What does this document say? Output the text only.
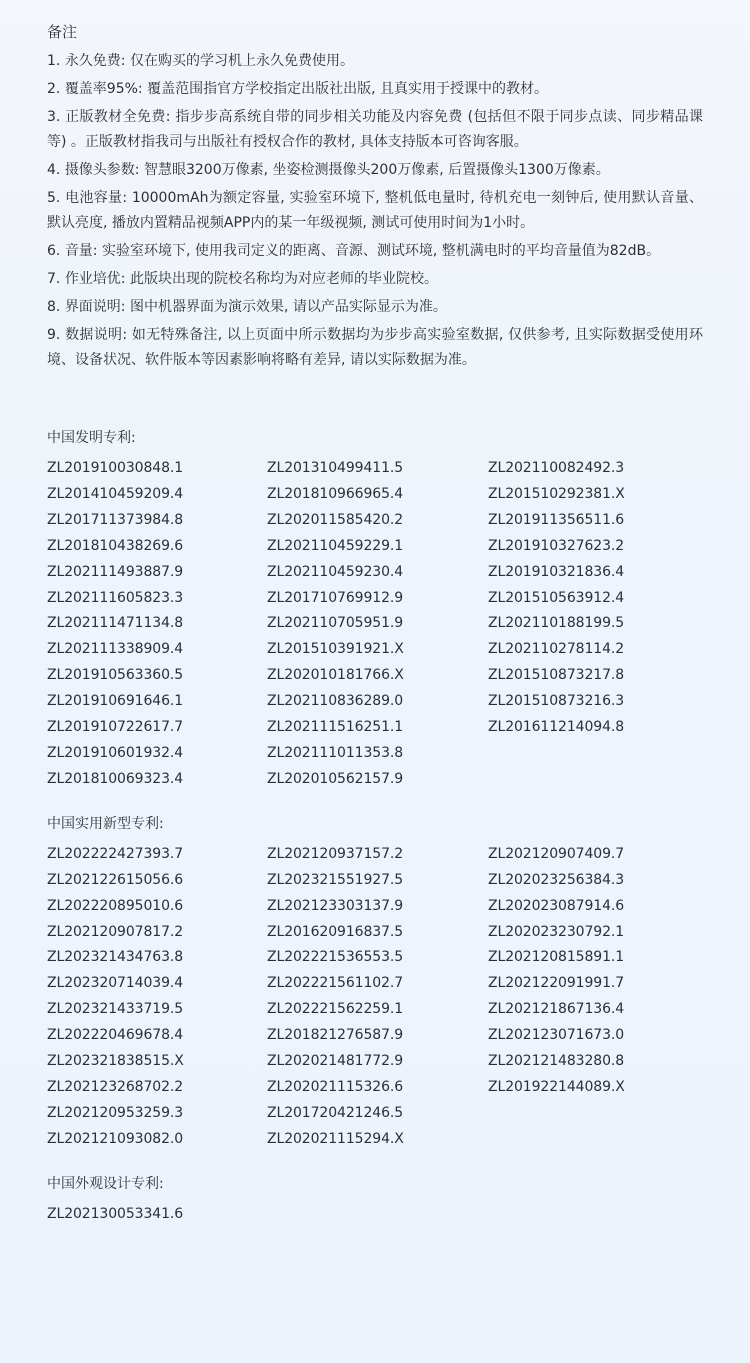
备注
1. 永久免费: 仅在购买的学习机上永久免费使用。
2. 覆盖率95%: 覆盖范围指官方学校指定出版社出版, 且真实用于授课中的教材。
3. 正版教材全免费: 指步步高系统自带的同步相关功能及内容免费 (包括但不限于同步点读、同步精品课等) 。正版教材指我司与出版社有授权合作的教材, 具体支持版本可咨询客服。
4. 摄像头参数: 智慧眼3200万像素, 坐姿检测摄像头200万像素, 后置摄像头1300万像素。
5. 电池容量: 10000mAh为额定容量, 实验室环境下, 整机低电量时, 待机充电一刻钟后, 使用默认音量、默认亮度, 播放内置精品视频APP内的某一年级视频, 测试可使用时间为1小时。
6. 音量: 实验室环境下, 使用我司定义的距离、音源、测试环境, 整机满电时的平均音量值为82dB。
7. 作业培优: 此版块出现的院校名称均为对应老师的毕业院校。
8. 界面说明: 图中机器界面为演示效果, 请以产品实际显示为准。
9. 数据说明: 如无特殊备注, 以上页面中所示数据均为步步高实验室数据, 仅供参考, 且实际数据受使用环境、设备状况、软件版本等因素影响将略有差异, 请以实际数据为准。
中国发明专利:
ZL201910030848.1	ZL201310499411.5	ZL202110082492.3
ZL201410459209.4	ZL201810966965.4	ZL201510292381.X
ZL201711373984.8	ZL202011585420.2	ZL201911356511.6
ZL201810438269.6	ZL202110459229.1	ZL201910327623.2
ZL202111493887.9	ZL202110459230.4	ZL201910321836.4
ZL202111605823.3	ZL201710769912.9	ZL201510563912.4
ZL202111471134.8	ZL202110705951.9	ZL202110188199.5
ZL202111338909.4	ZL201510391921.X	ZL202110278114.2
ZL201910563360.5	ZL202010181766.X	ZL201510873217.8
ZL201910691646.1	ZL202110836289.0	ZL201510873216.3
ZL201910722617.7	ZL202111516251.1	ZL201611214094.8
ZL201910601932.4	ZL202111011353.8
ZL201810069323.4	ZL202010562157.9
中国实用新型专利:
ZL202222427393.7	ZL202120937157.2	ZL202120907409.7
ZL202122615056.6	ZL202321551927.5	ZL202023256384.3
ZL202220895010.6	ZL202123303137.9	ZL202023087914.6
ZL202120907817.2	ZL201620916837.5	ZL202023230792.1
ZL202321434763.8	ZL202221536553.5	ZL202120815891.1
ZL202320714039.4	ZL202221561102.7	ZL202122091991.7
ZL202321433719.5	ZL202221562259.1	ZL202121867136.4
ZL202220469678.4	ZL201821276587.9	ZL202123071673.0
ZL202321838515.X	ZL202021481772.9	ZL202121483280.8
ZL202123268702.2	ZL202021115326.6	ZL201922144089.X
ZL202120953259.3	ZL201720421246.5
ZL202121093082.0	ZL202021115294.X
中国外观设计专利:
ZL202130053341.6
